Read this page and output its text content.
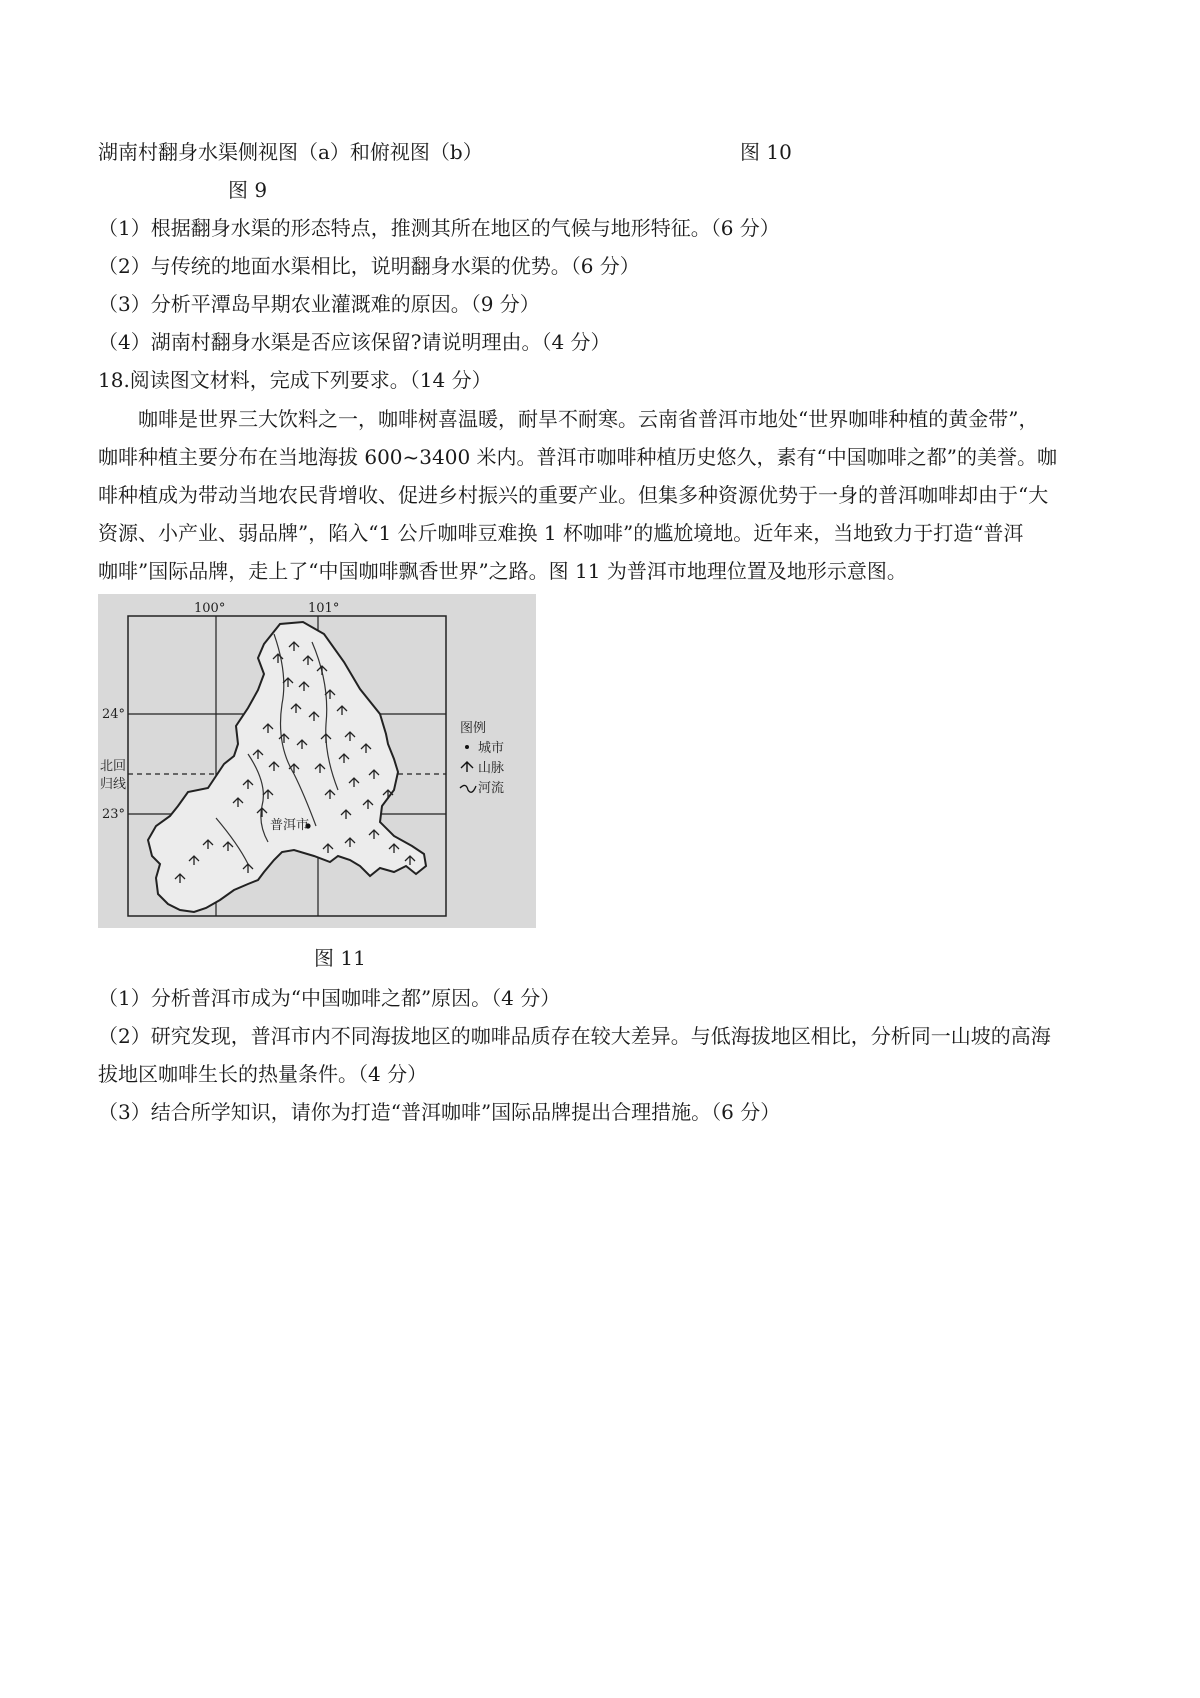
湖南村翻身水渠侧视图（a）和俯视图（b）	图 10
图 9
（1）根据翻身水渠的形态特点，推测其所在地区的气候与地形特征。（6 分）
（2）与传统的地面水渠相比，说明翻身水渠的优势。（6 分）
（3）分析平潭岛早期农业灌溉难的原因。（9 分）
（4）湖南村翻身水渠是否应该保留?请说明理由。（4 分）
18.阅读图文材料，完成下列要求。（14 分）
　　咖啡是世界三大饮料之一，咖啡树喜温暖，耐旱不耐寒。云南省普洱市地处“世界咖啡种植的黄金带”，
咖啡种植主要分布在当地海拔 600~3400 米内。普洱市咖啡种植历史悠久，素有“中国咖啡之都”的美誉。咖
啡种植成为带动当地农民背增收、促进乡村振兴的重要产业。但集多种资源优势于一身的普洱咖啡却由于“大
资源、小产业、弱品牌”，陷入“1 公斤咖啡豆难换 1 杯咖啡”的尴尬境地。近年来，当地致力于打造“普洱
咖啡”国际品牌，走上了“中国咖啡飘香世界”之路。图 11 为普洱市地理位置及地形示意图。
100°	101°
24°
23°
北回
归线
普洱市
图例
城市
山脉
河流
图 11
（1）分析普洱市成为“中国咖啡之都”原因。（4 分）
（2）研究发现，普洱市内不同海拔地区的咖啡品质存在较大差异。与低海拔地区相比，分析同一山坡的高海
拔地区咖啡生长的热量条件。（4 分）
（3）结合所学知识，请你为打造“普洱咖啡”国际品牌提出合理措施。（6 分）
